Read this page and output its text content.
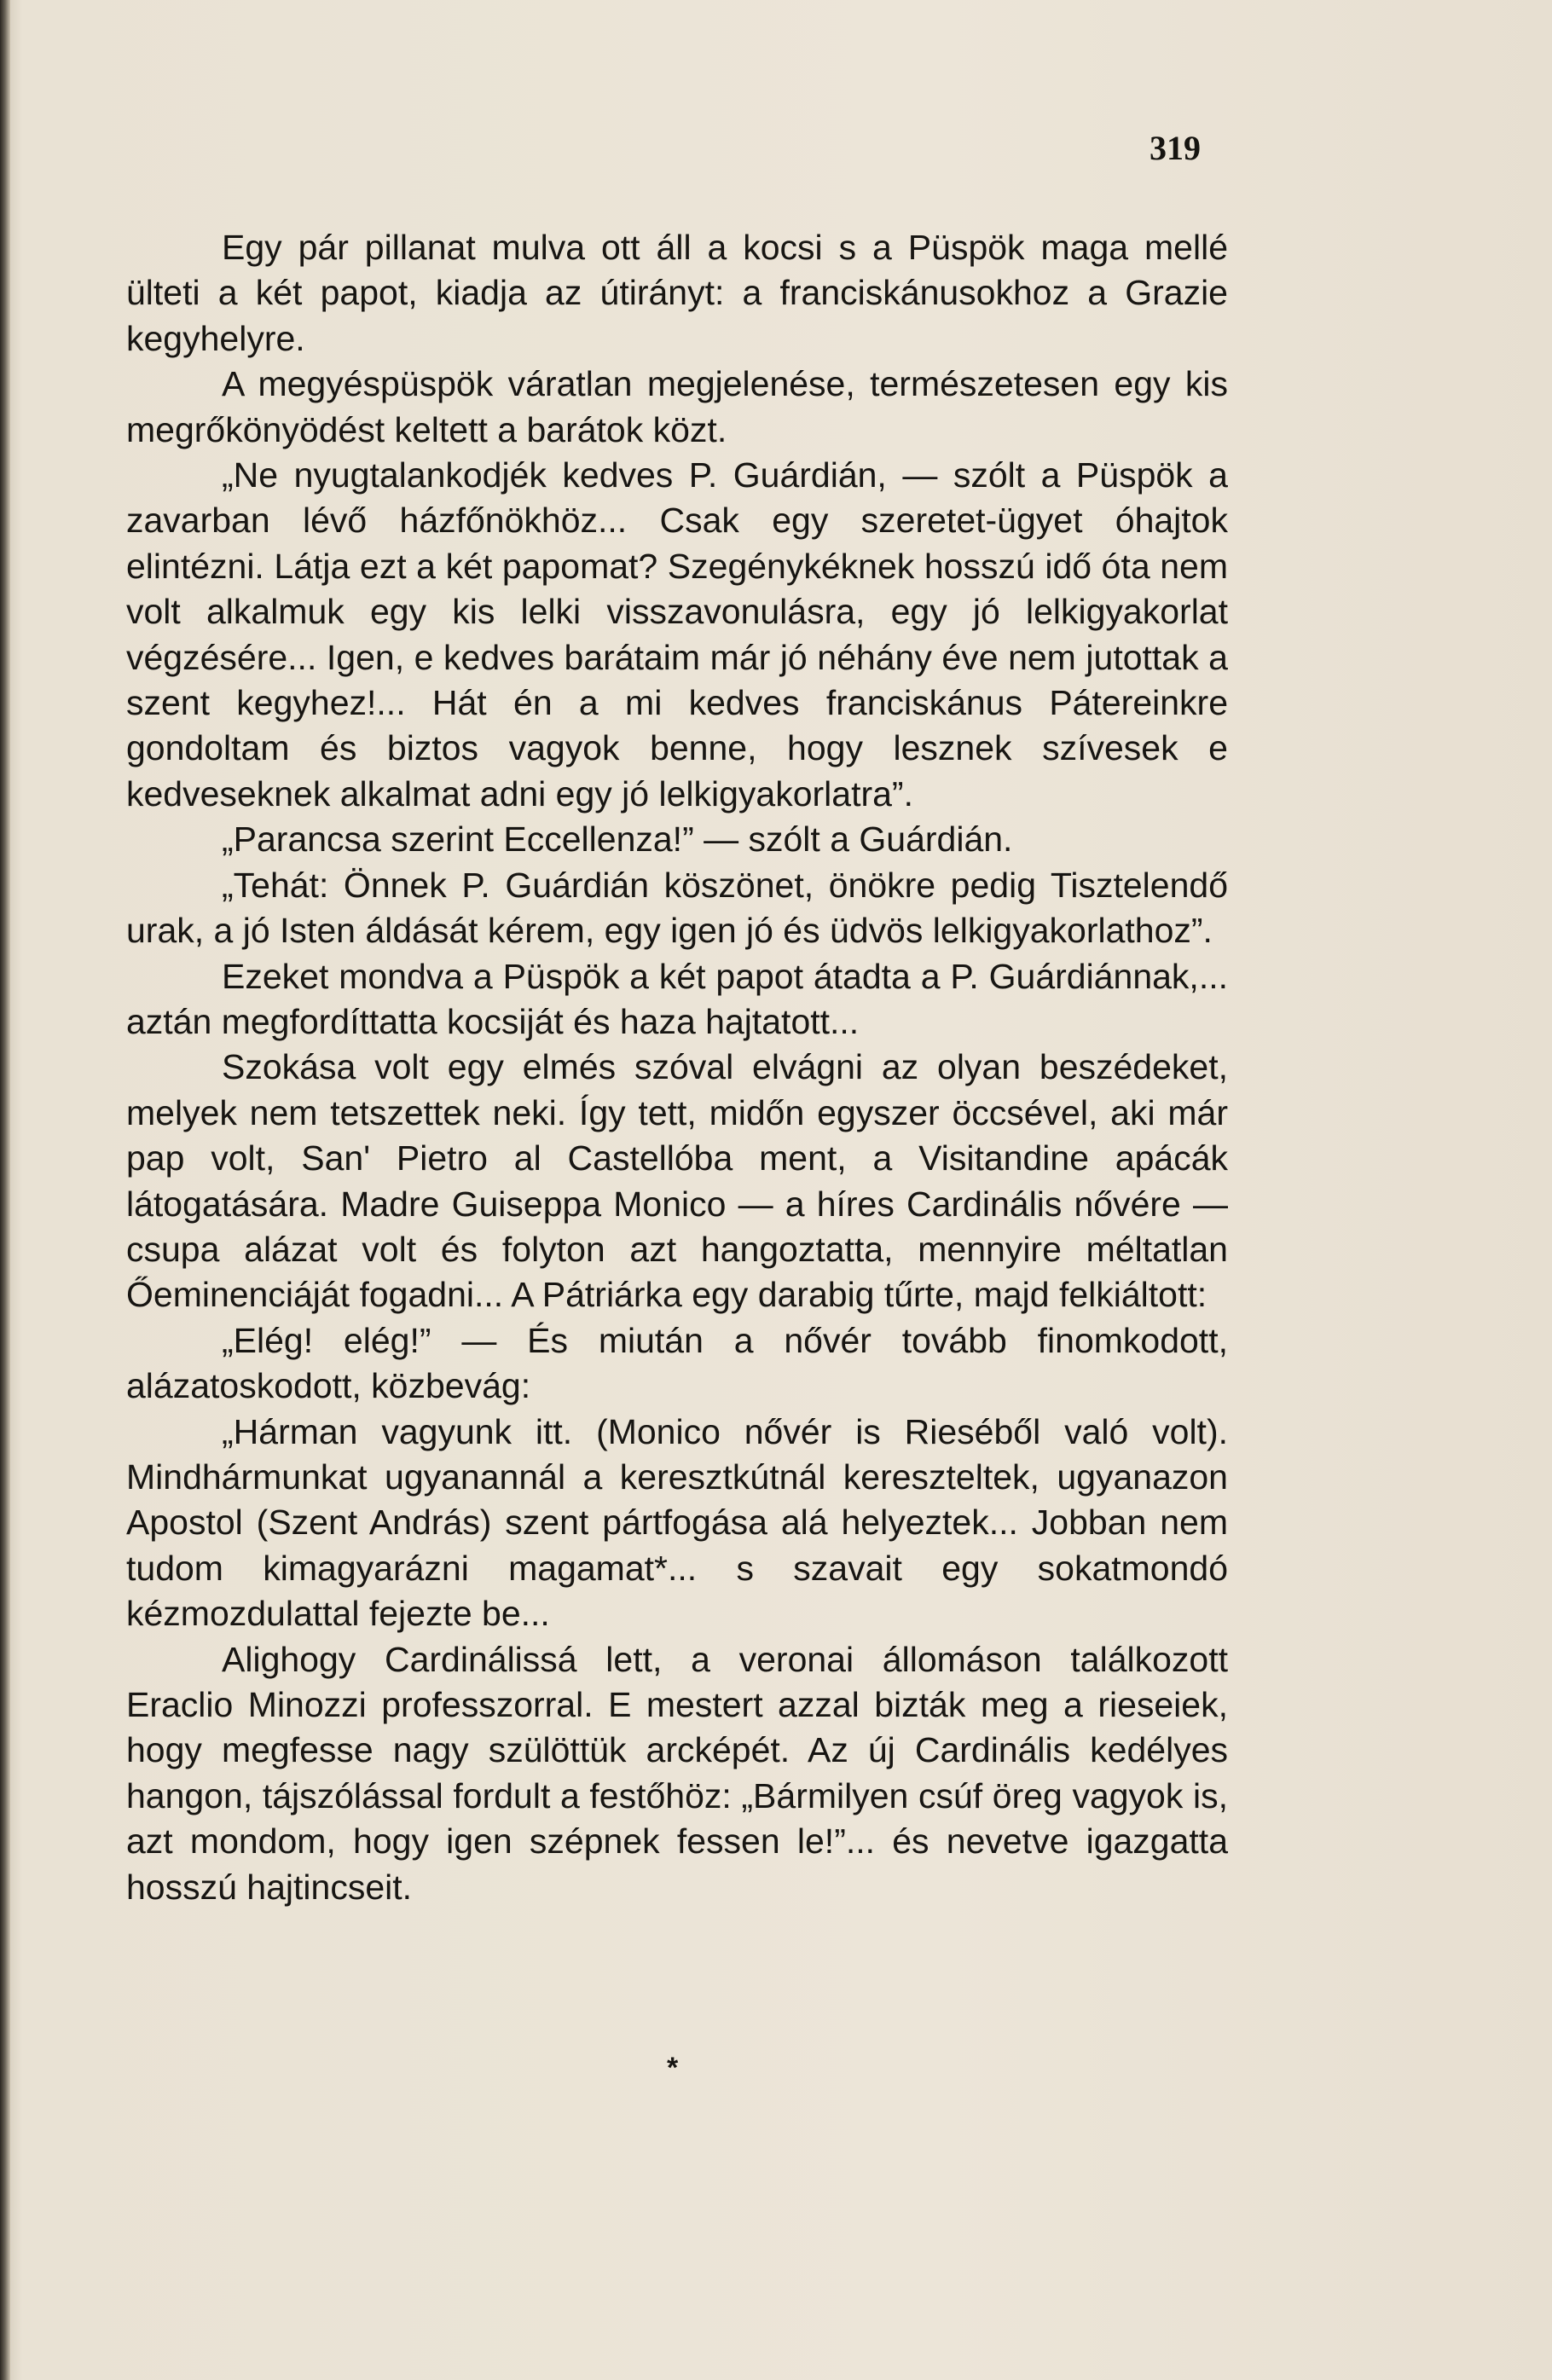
319

Egy pár pillanat mulva ott áll a kocsi s a Püspök maga mellé ülteti a két papot, kiadja az útirányt: a franciskánusokhoz a Grazie kegyhelyre.

A megyéspüspök váratlan megjelenése, természetesen egy kis megrőkönyödést keltett a barátok közt.

„Ne nyugtalankodjék kedves P. Guárdián, — szólt a Püspök a zavarban lévő házfőnökhöz... Csak egy szeretet-ügyet óhajtok elintézni. Látja ezt a két papomat? Szegénykéknek hosszú idő óta nem volt alkalmuk egy kis lelki visszavonulásra, egy jó lelkigyakorlat végzésére... Igen, e kedves barátaim már jó néhány éve nem jutottak a szent kegyhez!... Hát én a mi kedves franciskánus Pátereinkre gondoltam és biztos vagyok benne, hogy lesznek szívesek e kedveseknek alkalmat adni egy jó lelkigyakorlatra”.

„Parancsa szerint Eccellenza!” — szólt a Guárdián.

„Tehát: Önnek P. Guárdián köszönet, önökre pedig Tisztelendő urak, a jó Isten áldását kérem, egy igen jó és üdvös lelkigyakorlathoz”.

Ezeket mondva a Püspök a két papot átadta a P. Guárdiánnak,... aztán megfordíttatta kocsiját és haza hajtatott...

Szokása volt egy elmés szóval elvágni az olyan beszédeket, melyek nem tetszettek neki. Így tett, midőn egyszer öccsével, aki már pap volt, San' Pietro al Castellóba ment, a Visitandine apácák látogatására. Madre Guiseppa Monico — a híres Cardinális nővére — csupa alázat volt és folyton azt hangoztatta, mennyire méltatlan Őeminenciáját fogadni... A Pátriárka egy darabig tűrte, majd felkiáltott:

„Elég! elég!” — És miután a nővér tovább finomkodott, alázatoskodott, közbevág:

„Hárman vagyunk itt. (Monico nővér is Rieséből való volt). Mindhármunkat ugyanannál a keresztkútnál kereszteltek, ugyanazon Apostol (Szent András) szent pártfogása alá helyeztek... Jobban nem tudom kimagyarázni magamat*... s szavait egy sokatmondó kézmozdulattal fejezte be...

Alighogy Cardinálissá lett, a veronai állomáson találkozott Eraclio Minozzi professzorral. E mestert azzal bizták meg a rieseiek, hogy megfesse nagy szülöttük arcképét. Az új Cardinális kedélyes hangon, tájszólással fordult a festőhöz: „Bármilyen csúf öreg vagyok is, azt mondom, hogy igen szépnek fessen le!”... és nevetve igazgatta hosszú hajtincseit.

*
